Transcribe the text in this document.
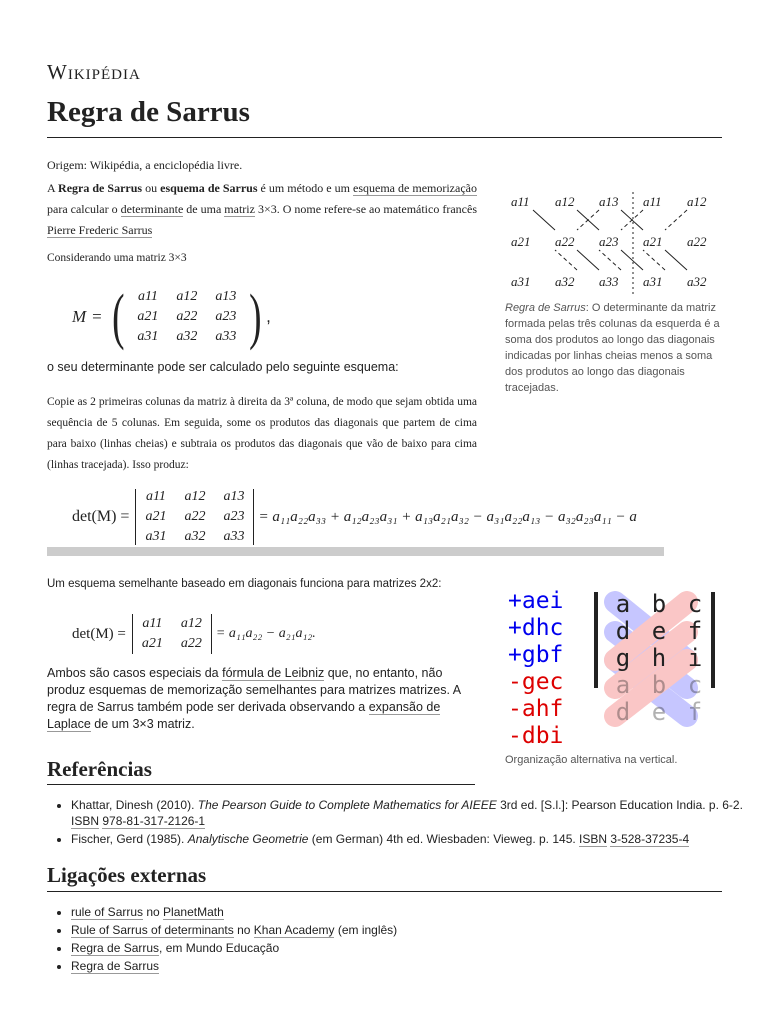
Wikipédia
Regra de Sarrus
Origem: Wikipédia, a enciclopédia livre.
A Regra de Sarrus ou esquema de Sarrus é um método e um esquema de memorização para calcular o determinante de uma matriz 3×3. O nome refere-se ao matemático francês Pierre Frederic Sarrus
Considerando uma matriz 3×3
M = ( a11	a12	a13
a21	a22	a23
a31	a32	a33 ) ,
o seu determinante pode ser calculado pelo seguinte esquema:
Copie as 2 primeiras colunas da matriz à direita da 3ª coluna, de modo que sejam obtida uma sequência de 5 colunas. Em seguida, some os produtos das diagonais que partem de cima para baixo (linhas cheias) e subtraia os produtos das diagonais que vão de baixo para cima (linhas tracejada). Isso produz:
a11 a12 a13 a11 a12
a21 a22 a23 a21 a22
a31 a32 a33 a31 a32
Regra de Sarrus: O determinante da matriz formada pelas três colunas da esquerda é a soma dos produtos ao longo das diagonais indicadas por linhas cheias menos a soma dos produtos ao longo das diagonais tracejadas.
det(M) =
a11	a12	a13
a21	a22	a23
a31	a32	a33
= a₁₁a₂₂a₃₃ + a₁₂a₂₃a₃₁ + a₁₃a₂₁a₃₂ − a₃₁a₂₂a₁₃ − a₃₂a₂₃a₁₁ − a
Um esquema semelhante baseado em diagonais funciona para matrizes 2x2:
det(M) =
a11	a12
a21	a22
= a₁₁a₂₂ − a₂₁a₁₂.
Ambos são casos especiais da fórmula de Leibniz que, no entanto, não produz esquemas de memorização semelhantes para matrizes matrizes. A regra de Sarrus também pode ser derivada observando a expansão de Laplace de um 3×3 matriz.
+aei
+dhc
+gbf
-gec
-ahf
-dbi
a b c
d e f
g h i
a b c
d e f
Organização alternativa na vertical.
Referências
• Khattar, Dinesh (2010). The Pearson Guide to Complete Mathematics for AIEEE 3rd ed. [S.l.]: Pearson Education India. p. 6-2. ISBN 978-81-317-2126-1
• Fischer, Gerd (1985). Analytische Geometrie (em German) 4th ed. Wiesbaden: Vieweg. p. 145. ISBN 3-528-37235-4
Ligações externas
• rule of Sarrus no PlanetMath
• Rule of Sarrus of determinants no Khan Academy (em inglês)
• Regra de Sarrus, em Mundo Educação
• Regra de Sarrus
